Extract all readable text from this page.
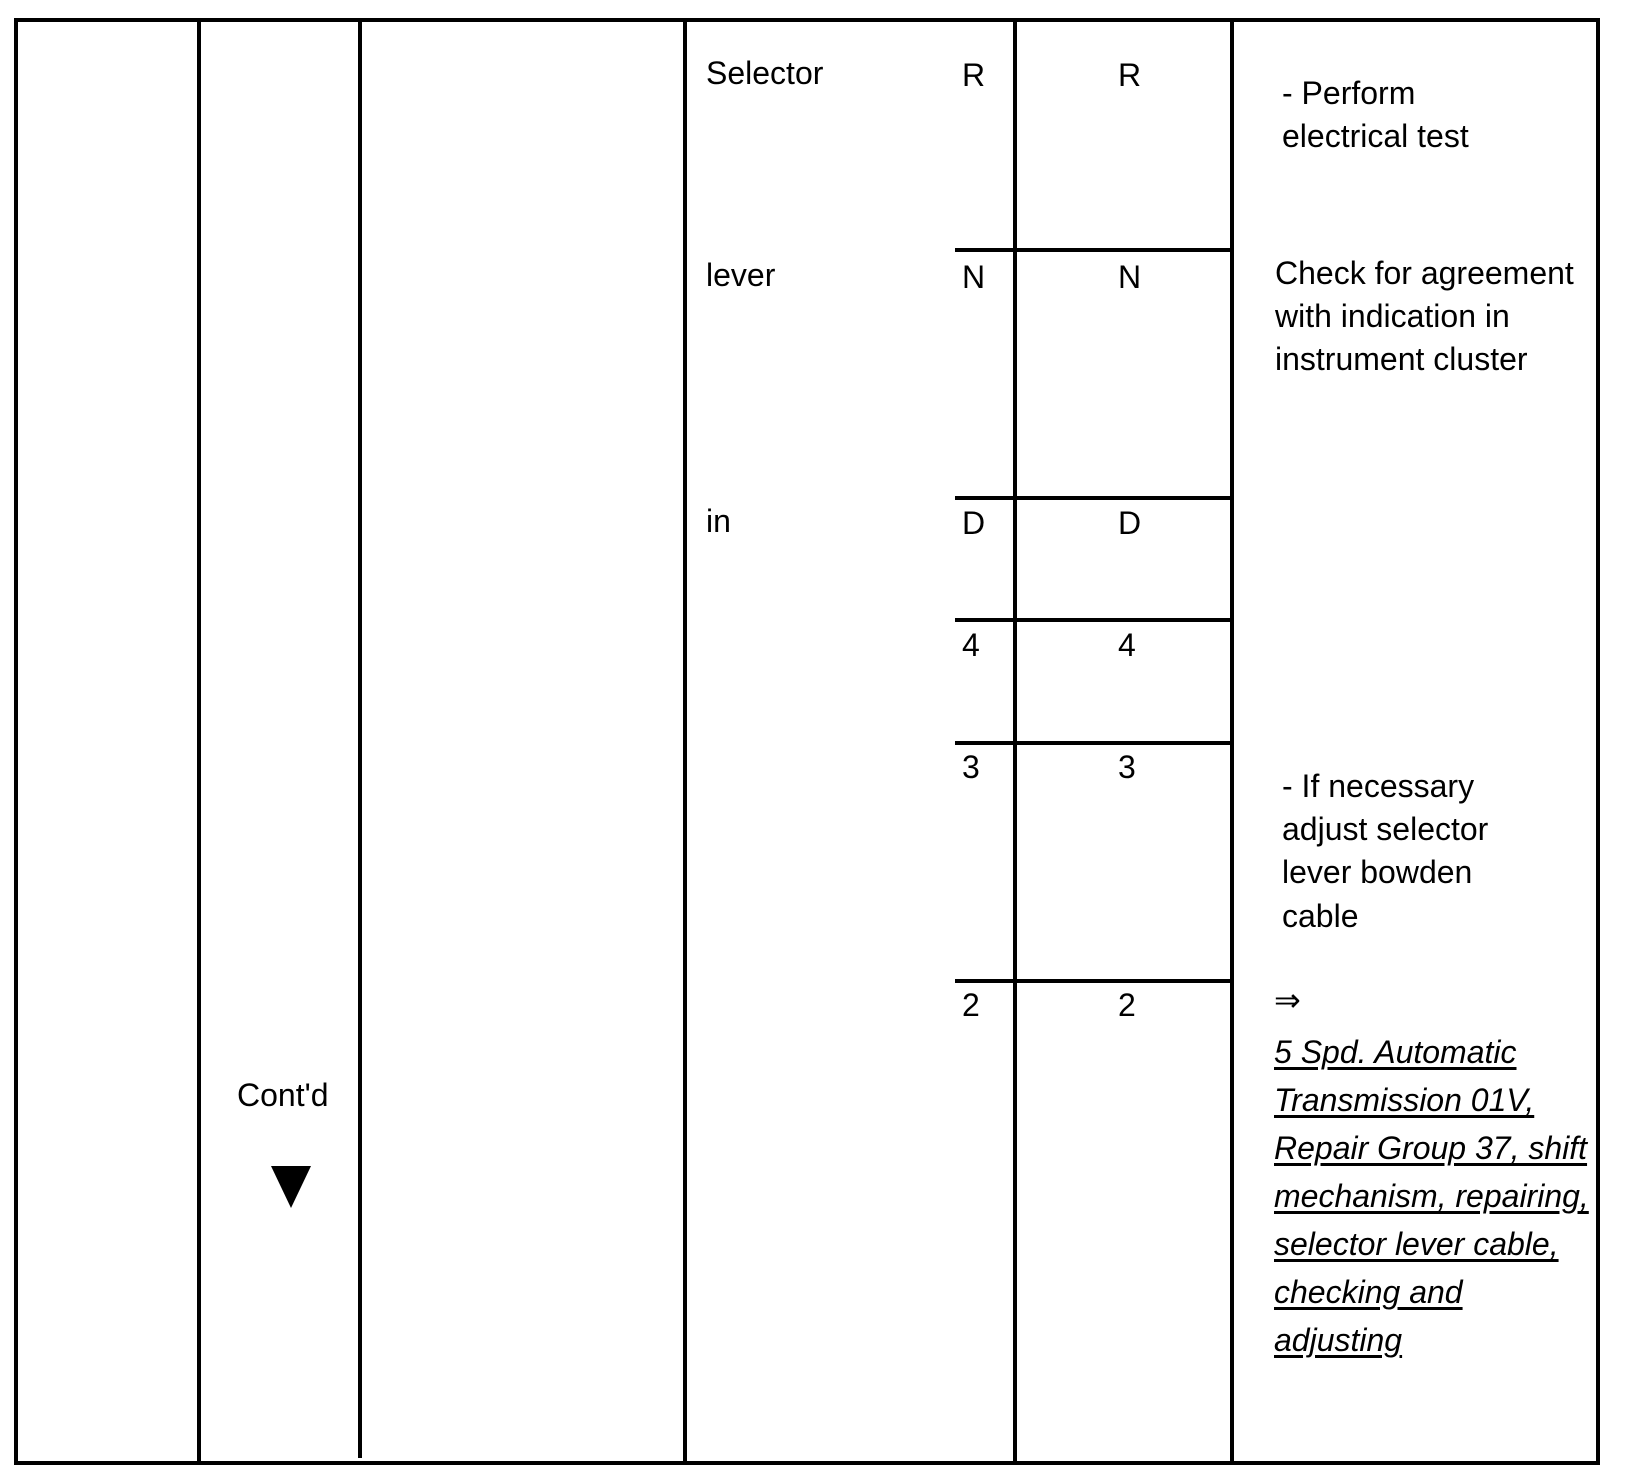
Selector
lever
in
R
N
D
4
3
2
R
N
D
4
3
2
- Perform electrical test
Check for agreement with indication in instrument cluster
- If necessary adjust selector lever bowden cable
⇒
5 Spd. Automatic Transmission 01V, Repair Group 37, shift mechanism, repairing, selector lever cable, checking and adjusting
Cont'd
